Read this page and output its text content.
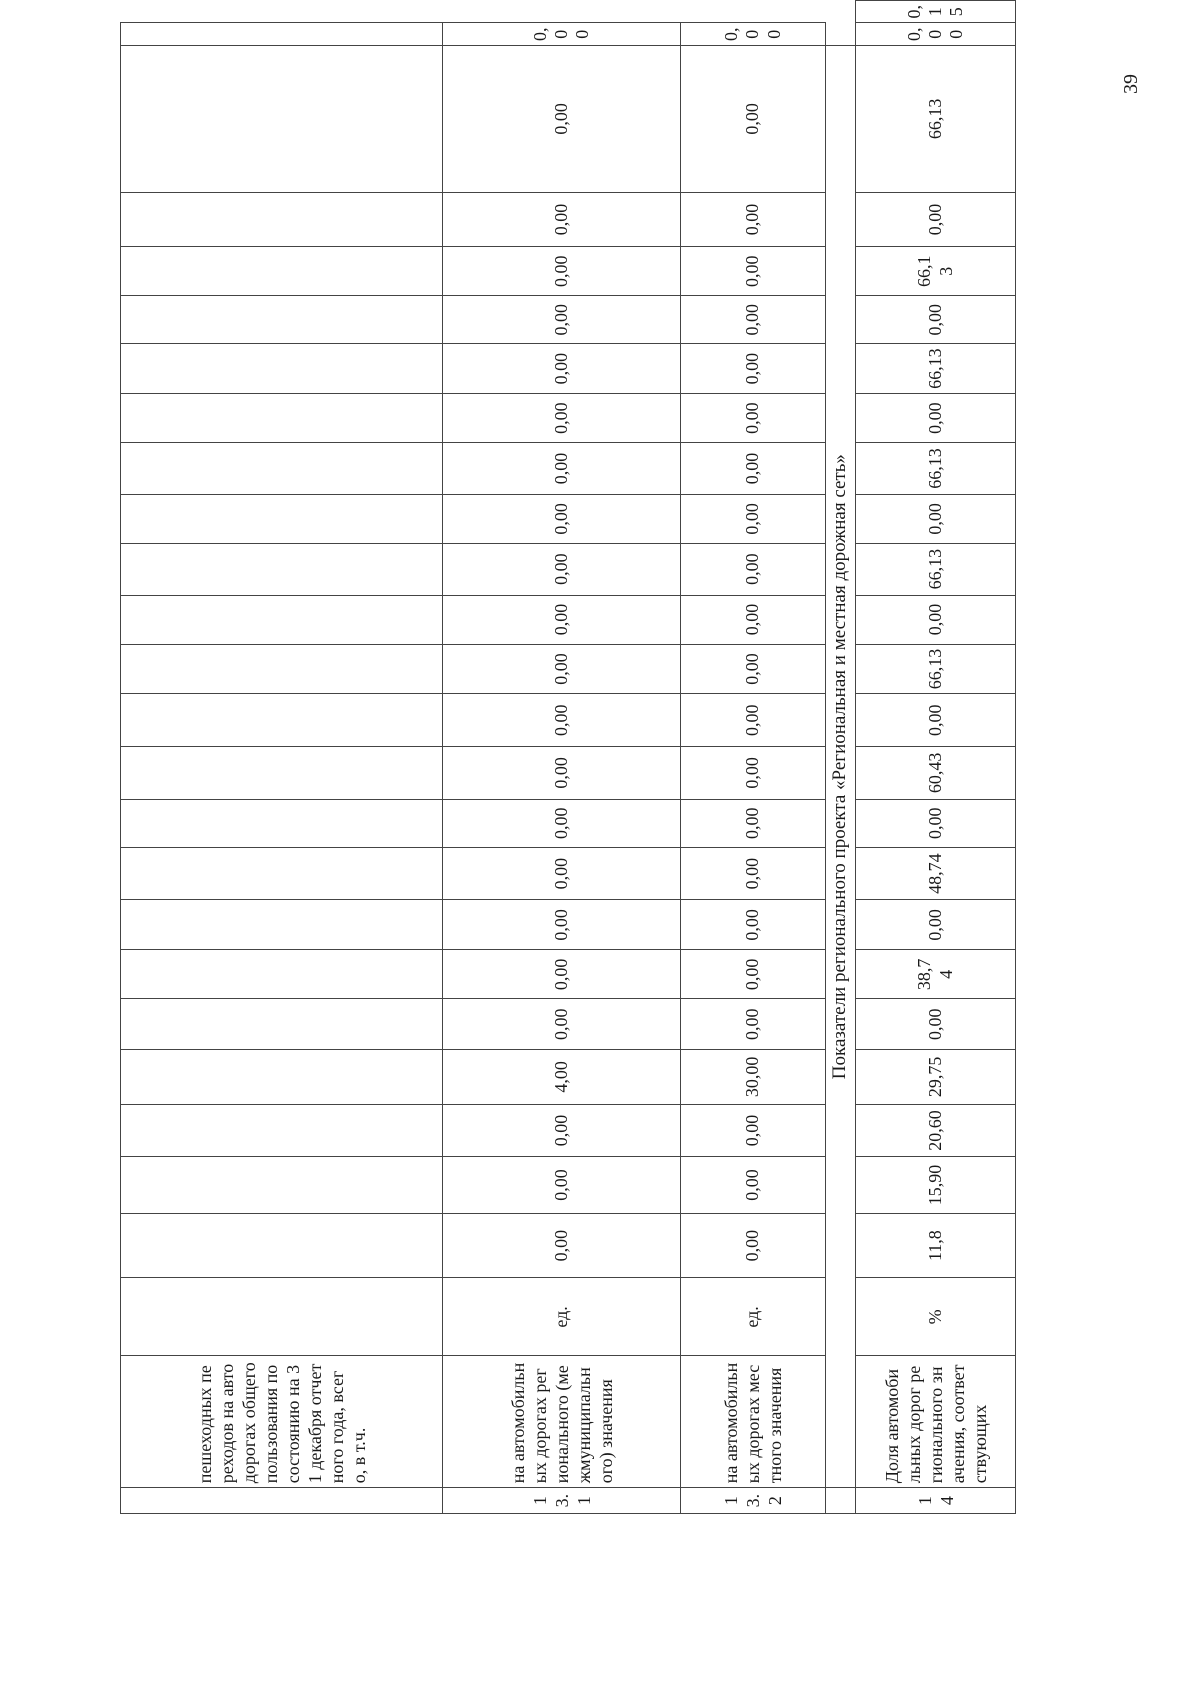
	пешеходных переходов на автодорогах общего пользования по состоянию на 31 декабря отчетного года, всего, в т.ч.																									
13.1	на автомобильных дорогах регионального (межмуниципального) значения	ед.	0,00	0,00	0,00	4,00	0,00	0,00	0,00	0,00	0,00	0,00	0,00	0,00	0,00	0,00	0,00	0,00	0,00	0,00	0,00	0,00	0,00	0,00	0,00	
13.2	на автомобильных дорогах местного значения	ед.	0,00	0,00	0,00	30,00	0,00	0,00	0,00	0,00	0,00	0,00	0,00	0,00	0,00	0,00	0,00	0,00	0,00	0,00	0,00	0,00	0,00	0,00	0,00	
	Показатели регионального проекта «Региональная и местная дорожная сеть»																									
14	Доля автомобильных дорог регионального значения, соответствующих	%	11,8	15,90	20,60	29,75	0,00	38,74	0,00	48,74	0,00	60,43	0,00	66,13	0,00	66,13	0,00	66,13	0,00	66,13	0,00	66,13	0,00	66,13	0,00	0,15
39
